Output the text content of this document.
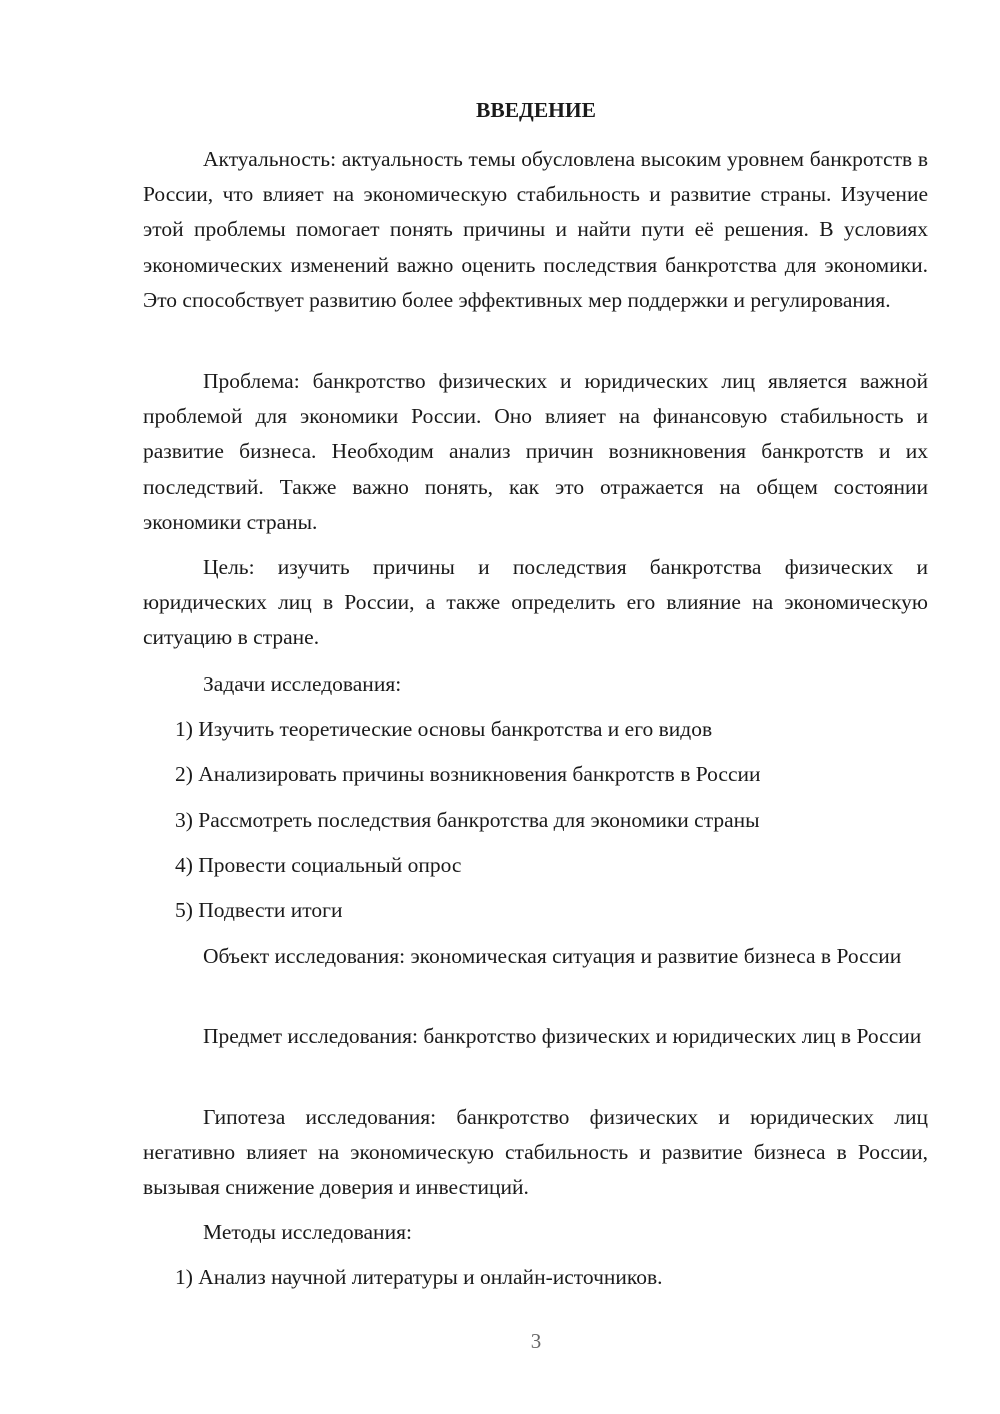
ВВЕДЕНИЕ

Актуальность: актуальность темы обусловлена высоким уровнем банкротств в России, что влияет на экономическую стабильность и развитие страны. Изучение этой проблемы помогает понять причины и найти пути её решения. В условиях экономических изменений важно оценить последствия банкротства для экономики. Это способствует развитию более эффективных мер поддержки и регулирования.

Проблема: банкротство физических и юридических лиц является важной проблемой для экономики России. Оно влияет на финансовую стабильность и развитие бизнеса. Необходим анализ причин возникновения банкротств и их последствий. Также важно понять, как это отражается на общем состоянии экономики страны.

Цель: изучить причины и последствия банкротства физических и юридических лиц в России, а также определить его влияние на экономическую ситуацию в стране.

Задачи исследования:

1) Изучить теоретические основы банкротства и его видов

2) Анализировать причины возникновения банкротств в России

3) Рассмотреть последствия банкротства для экономики страны

4) Провести социальный опрос

5) Подвести итоги

Объект исследования: экономическая ситуация и развитие бизнеса в России

Предмет исследования: банкротство физических и юридических лиц в России

Гипотеза исследования: банкротство физических и юридических лиц негативно влияет на экономическую стабильность и развитие бизнеса в России, вызывая снижение доверия и инвестиций.

Методы исследования:

1) Анализ научной литературы и онлайн-источников.

3
